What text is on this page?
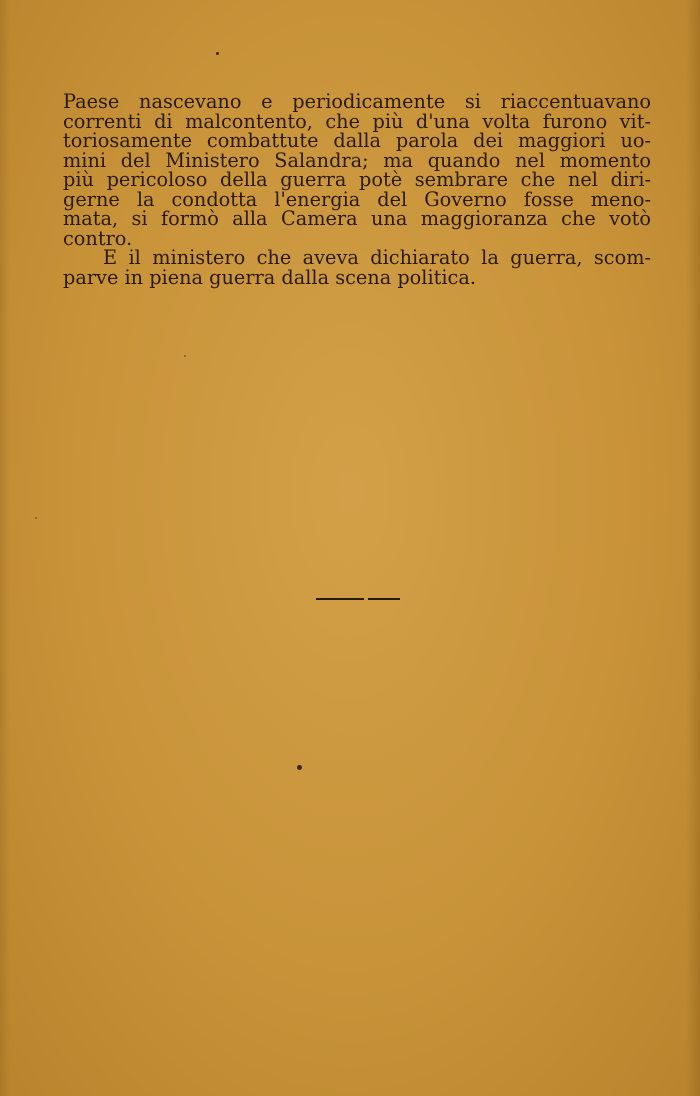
Paese nascevano e periodicamente si riaccentuavano
correnti di malcontento, che più d'una volta furono vit-
toriosamente combattute dalla parola dei maggiori uo-
mini del Ministero Salandra; ma quando nel momento
più pericoloso della guerra potè sembrare che nel diri-
gerne la condotta l'energia del Governo fosse meno-
mata, si formò alla Camera una maggioranza che votò
contro.
E il ministero che aveva dichiarato la guerra, scom-
parve in piena guerra dalla scena politica.
